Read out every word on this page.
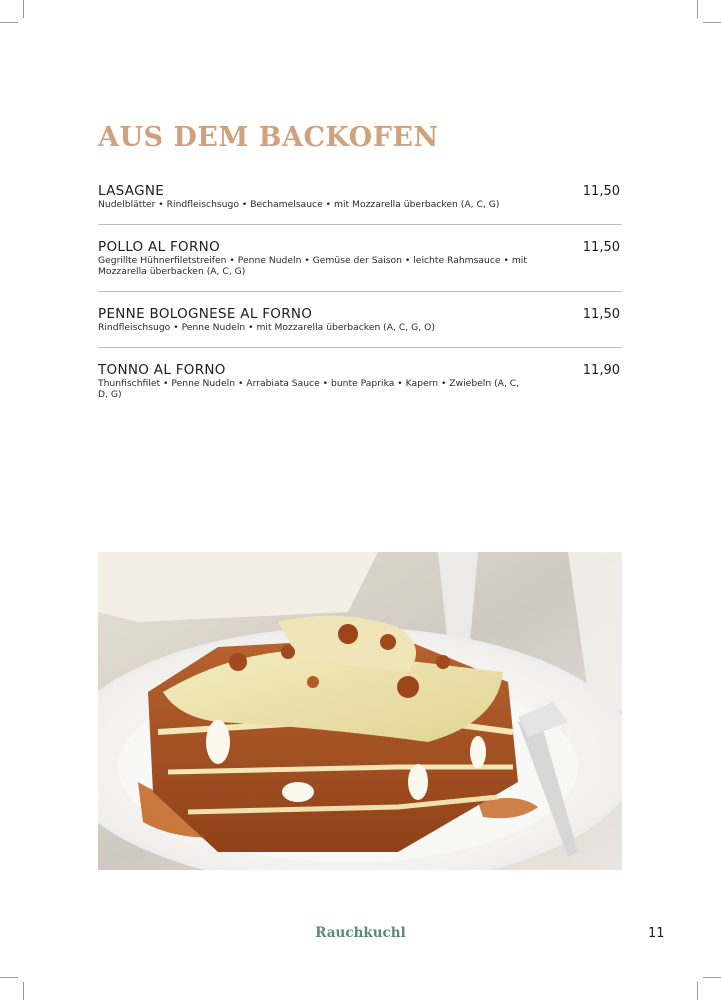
AUS DEM BACKOFEN
LASAGNE	11,50
Nudelblätter • Rindfleischsugo • Bechamelsauce • mit Mozzarella überbacken (A, C, G)
POLLO AL FORNO	11,50
Gegrillte Hühnerfiletstreifen • Penne Nudeln • Gemüse der Saison • leichte Rahmsauce • mit Mozzarella überbacken (A, C, G)
PENNE BOLOGNESE AL FORNO	11,50
Rindfleischsugo • Penne Nudeln • mit Mozzarella überbacken (A, C, G, O)
TONNO AL FORNO	11,90
Thunfischfilet • Penne Nudeln • Arrabiata Sauce • bunte Paprika • Kapern • Zwiebeln (A, C, D, G)
Rauchkuchl	11
